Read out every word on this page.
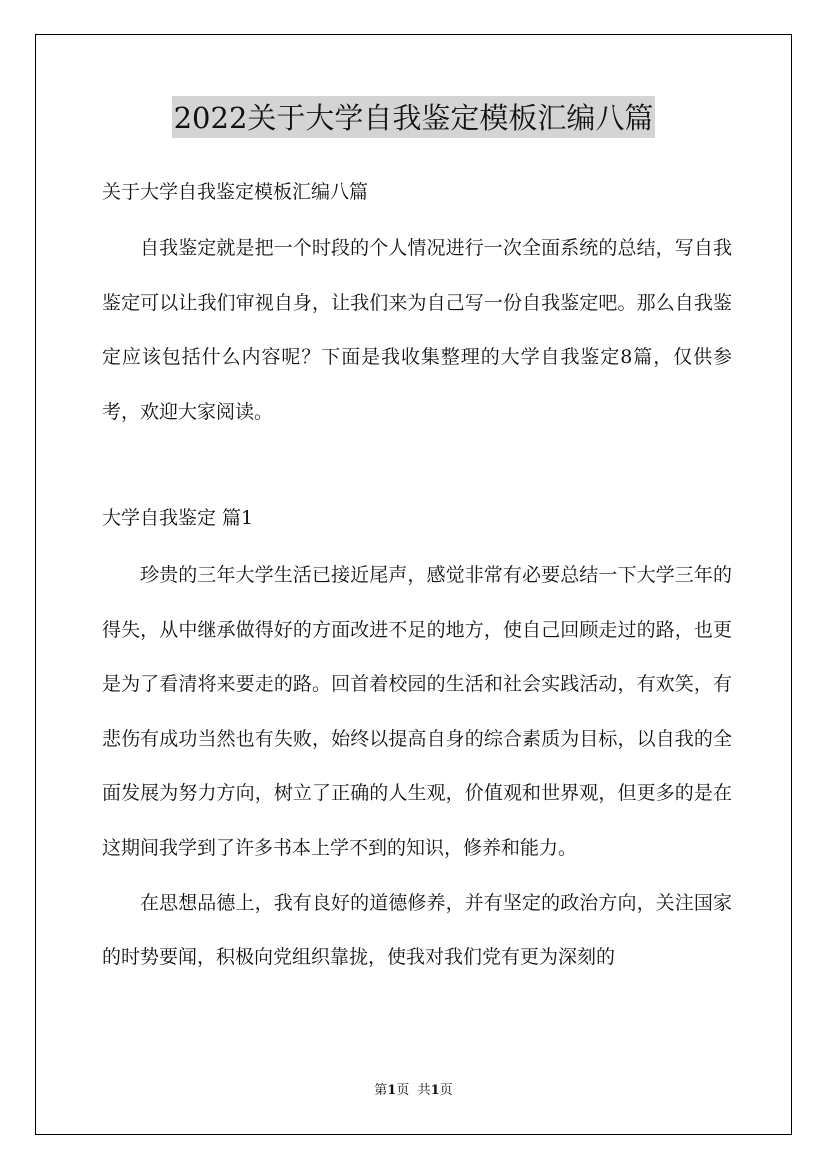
2022关于大学自我鉴定模板汇编八篇
关于大学自我鉴定模板汇编八篇

自我鉴定就是把一个时段的个人情况进行一次全面系统的总结，写自我鉴定可以让我们审视自身，让我们来为自己写一份自我鉴定吧。那么自我鉴定应该包括什么内容呢？下面是我收集整理的大学自我鉴定8篇，仅供参考，欢迎大家阅读。

大学自我鉴定 篇1

珍贵的三年大学生活已接近尾声，感觉非常有必要总结一下大学三年的得失，从中继承做得好的方面改进不足的地方，使自己回顾走过的路，也更是为了看清将来要走的路。回首着校园的生活和社会实践活动，有欢笑，有悲伤有成功当然也有失败，始终以提高自身的综合素质为目标，以自我的全面发展为努力方向，树立了正确的人生观，价值观和世界观，但更多的是在这期间我学到了许多书本上学不到的知识，修养和能力。

在思想品德上，我有良好的道德修养，并有坚定的政治方向，关注国家的时势要闻，积极向党组织靠拢，使我对我们党有更为深刻的

第1页 共1页
